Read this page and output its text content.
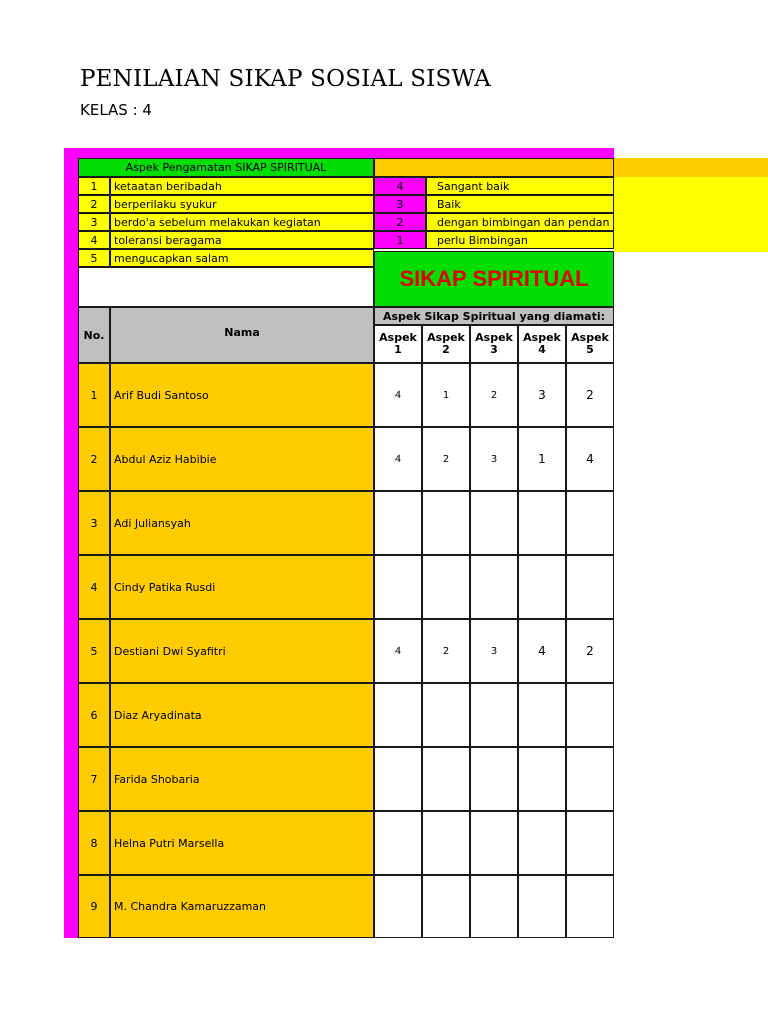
PENILAIAN SIKAP SOSIAL SISWA
KELAS : 4
Aspek Pengamatan SIKAP SPIRITUAL
1	ketaatan beribadah
2	berperilaku syukur
3	berdo'a sebelum melakukan kegiatan
4	toleransi beragama
5	mengucapkan salam
4	Sangant baik
3	Baik
2	dengan bimbingan dan pendan
1	perlu Bimbingan
SIKAP SPIRITUAL
No.	Nama
Aspek Sikap Spiritual yang diamati:
Aspek
1
Aspek
2
Aspek
3
Aspek
4
Aspek
5
1	Arif Budi Santoso	4	1	2	3	2
2	Abdul Aziz Habibie	4	2	3	1	4
3	Adi Juliansyah
4	Cindy Patika Rusdi
5	Destiani Dwi Syafitri	4	2	3	4	2
6	Diaz Aryadinata
7	Farida Shobaria
8	Helna Putri Marsella
9	M. Chandra Kamaruzzaman
